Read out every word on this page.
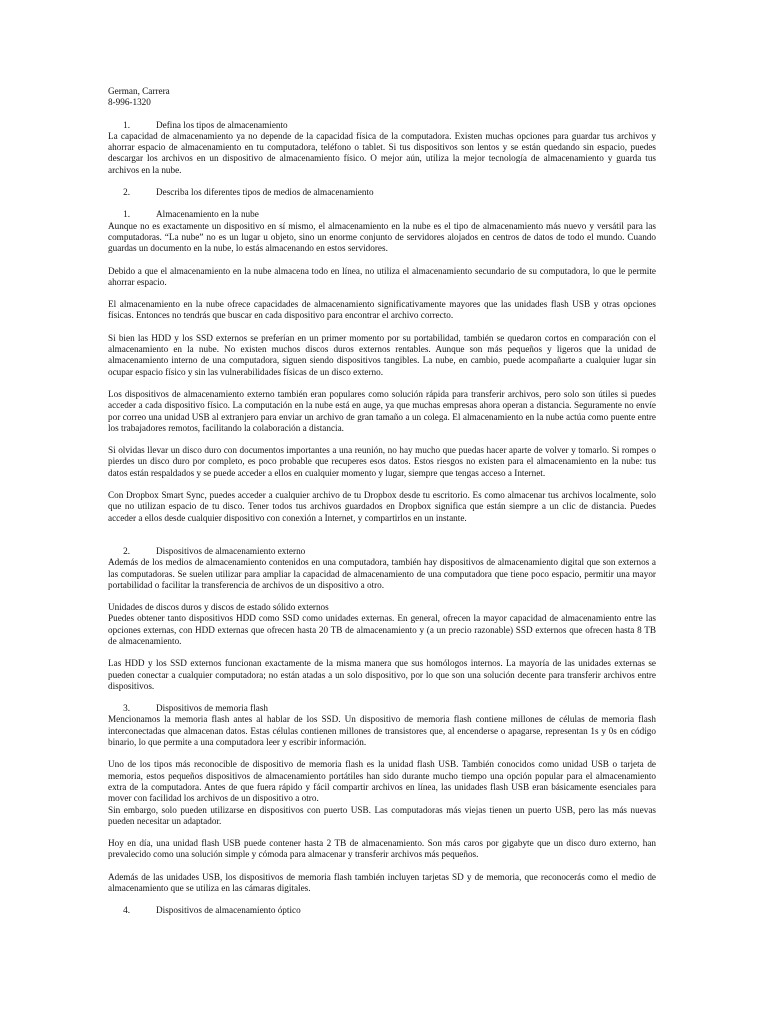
German, Carrera

8-996-1320

1.	Defina los tipos de almacenamiento

La capacidad de almacenamiento ya no depende de la capacidad física de la computadora. Existen muchas opciones para guardar tus archivos y ahorrar espacio de almacenamiento en tu computadora, teléfono o tablet. Si tus dispositivos son lentos y se están quedando sin espacio, puedes descargar los archivos en un dispositivo de almacenamiento físico. O mejor aún, utiliza la mejor tecnología de almacenamiento y guarda tus archivos en la nube.

2.	Describa los diferentes tipos de medios de almacenamiento
1.	Almacenamiento en la nube

Aunque no es exactamente un dispositivo en sí mismo, el almacenamiento en la nube es el tipo de almacenamiento más nuevo y versátil para las computadoras. “La nube” no es un lugar u objeto, sino un enorme conjunto de servidores alojados en centros de datos de todo el mundo. Cuando guardas un documento en la nube, lo estás almacenando en estos servidores.

Debido a que el almacenamiento en la nube almacena todo en línea, no utiliza el almacenamiento secundario de su computadora, lo que le permite ahorrar espacio.

El almacenamiento en la nube ofrece capacidades de almacenamiento significativamente mayores que las unidades flash USB y otras opciones físicas. Entonces no tendrás que buscar en cada dispositivo para encontrar el archivo correcto.

Si bien las HDD y los SSD externos se preferían en un primer momento por su portabilidad, también se quedaron cortos en comparación con el almacenamiento en la nube. No existen muchos discos duros externos rentables. Aunque son más pequeños y ligeros que la unidad de almacenamiento interno de una computadora, siguen siendo dispositivos tangibles. La nube, en cambio, puede acompañarte a cualquier lugar sin ocupar espacio físico y sin las vulnerabilidades físicas de un disco externo.

Los dispositivos de almacenamiento externo también eran populares como solución rápida para transferir archivos, pero solo son útiles si puedes acceder a cada dispositivo físico. La computación en la nube está en auge, ya que muchas empresas ahora operan a distancia. Seguramente no envíe por correo una unidad USB al extranjero para enviar un archivo de gran tamaño a un colega. El almacenamiento en la nube actúa como puente entre los trabajadores remotos, facilitando la colaboración a distancia.

Si olvidas llevar un disco duro con documentos importantes a una reunión, no hay mucho que puedas hacer aparte de volver y tomarlo. Si rompes o pierdes un disco duro por completo, es poco probable que recuperes esos datos. Estos riesgos no existen para el almacenamiento en la nube: tus datos están respaldados y se puede acceder a ellos en cualquier momento y lugar, siempre que tengas acceso a Internet.

Con Dropbox Smart Sync, puedes acceder a cualquier archivo de tu Dropbox desde tu escritorio. Es como almacenar tus archivos localmente, solo que no utilizan espacio de tu disco. Tener todos tus archivos guardados en Dropbox significa que están siempre a un clic de distancia. Puedes acceder a ellos desde cualquier dispositivo con conexión a Internet, y compartirlos en un instante.

2.	Dispositivos de almacenamiento externo

Además de los medios de almacenamiento contenidos en una computadora, también hay dispositivos de almacenamiento digital que son externos a las computadoras. Se suelen utilizar para ampliar la capacidad de almacenamiento de una computadora que tiene poco espacio, permitir una mayor portabilidad o facilitar la transferencia de archivos de un dispositivo a otro.

Unidades de discos duros y discos de estado sólido externos

Puedes obtener tanto dispositivos HDD como SSD como unidades externas. En general, ofrecen la mayor capacidad de almacenamiento entre las opciones externas, con HDD externas que ofrecen hasta 20 TB de almacenamiento y (a un precio razonable) SSD externos que ofrecen hasta 8 TB de almacenamiento.

Las HDD y los SSD externos funcionan exactamente de la misma manera que sus homólogos internos. La mayoría de las unidades externas se pueden conectar a cualquier computadora; no están atadas a un solo dispositivo, por lo que son una solución decente para transferir archivos entre dispositivos.

3.	Dispositivos de memoria flash

Mencionamos la memoria flash antes al hablar de los SSD. Un dispositivo de memoria flash contiene millones de células de memoria flash interconectadas que almacenan datos. Estas células contienen millones de transistores que, al encenderse o apagarse, representan 1s y 0s en código binario, lo que permite a una computadora leer y escribir información.

Uno de los tipos más reconocible de dispositivo de memoria flash es la unidad flash USB. También conocidos como unidad USB o tarjeta de memoria, estos pequeños dispositivos de almacenamiento portátiles han sido durante mucho tiempo una opción popular para el almacenamiento extra de la computadora. Antes de que fuera rápido y fácil compartir archivos en línea, las unidades flash USB eran básicamente esenciales para mover con facilidad los archivos de un dispositivo a otro.

Sin embargo, solo pueden utilizarse en dispositivos con puerto USB. Las computadoras más viejas tienen un puerto USB, pero las más nuevas pueden necesitar un adaptador.

Hoy en día, una unidad flash USB puede contener hasta 2 TB de almacenamiento. Son más caros por gigabyte que un disco duro externo, han prevalecido como una solución simple y cómoda para almacenar y transferir archivos más pequeños.

Además de las unidades USB, los dispositivos de memoria flash también incluyen tarjetas SD y de memoria, que reconocerás como el medio de almacenamiento que se utiliza en las cámaras digitales.

4.	Dispositivos de almacenamiento óptico
